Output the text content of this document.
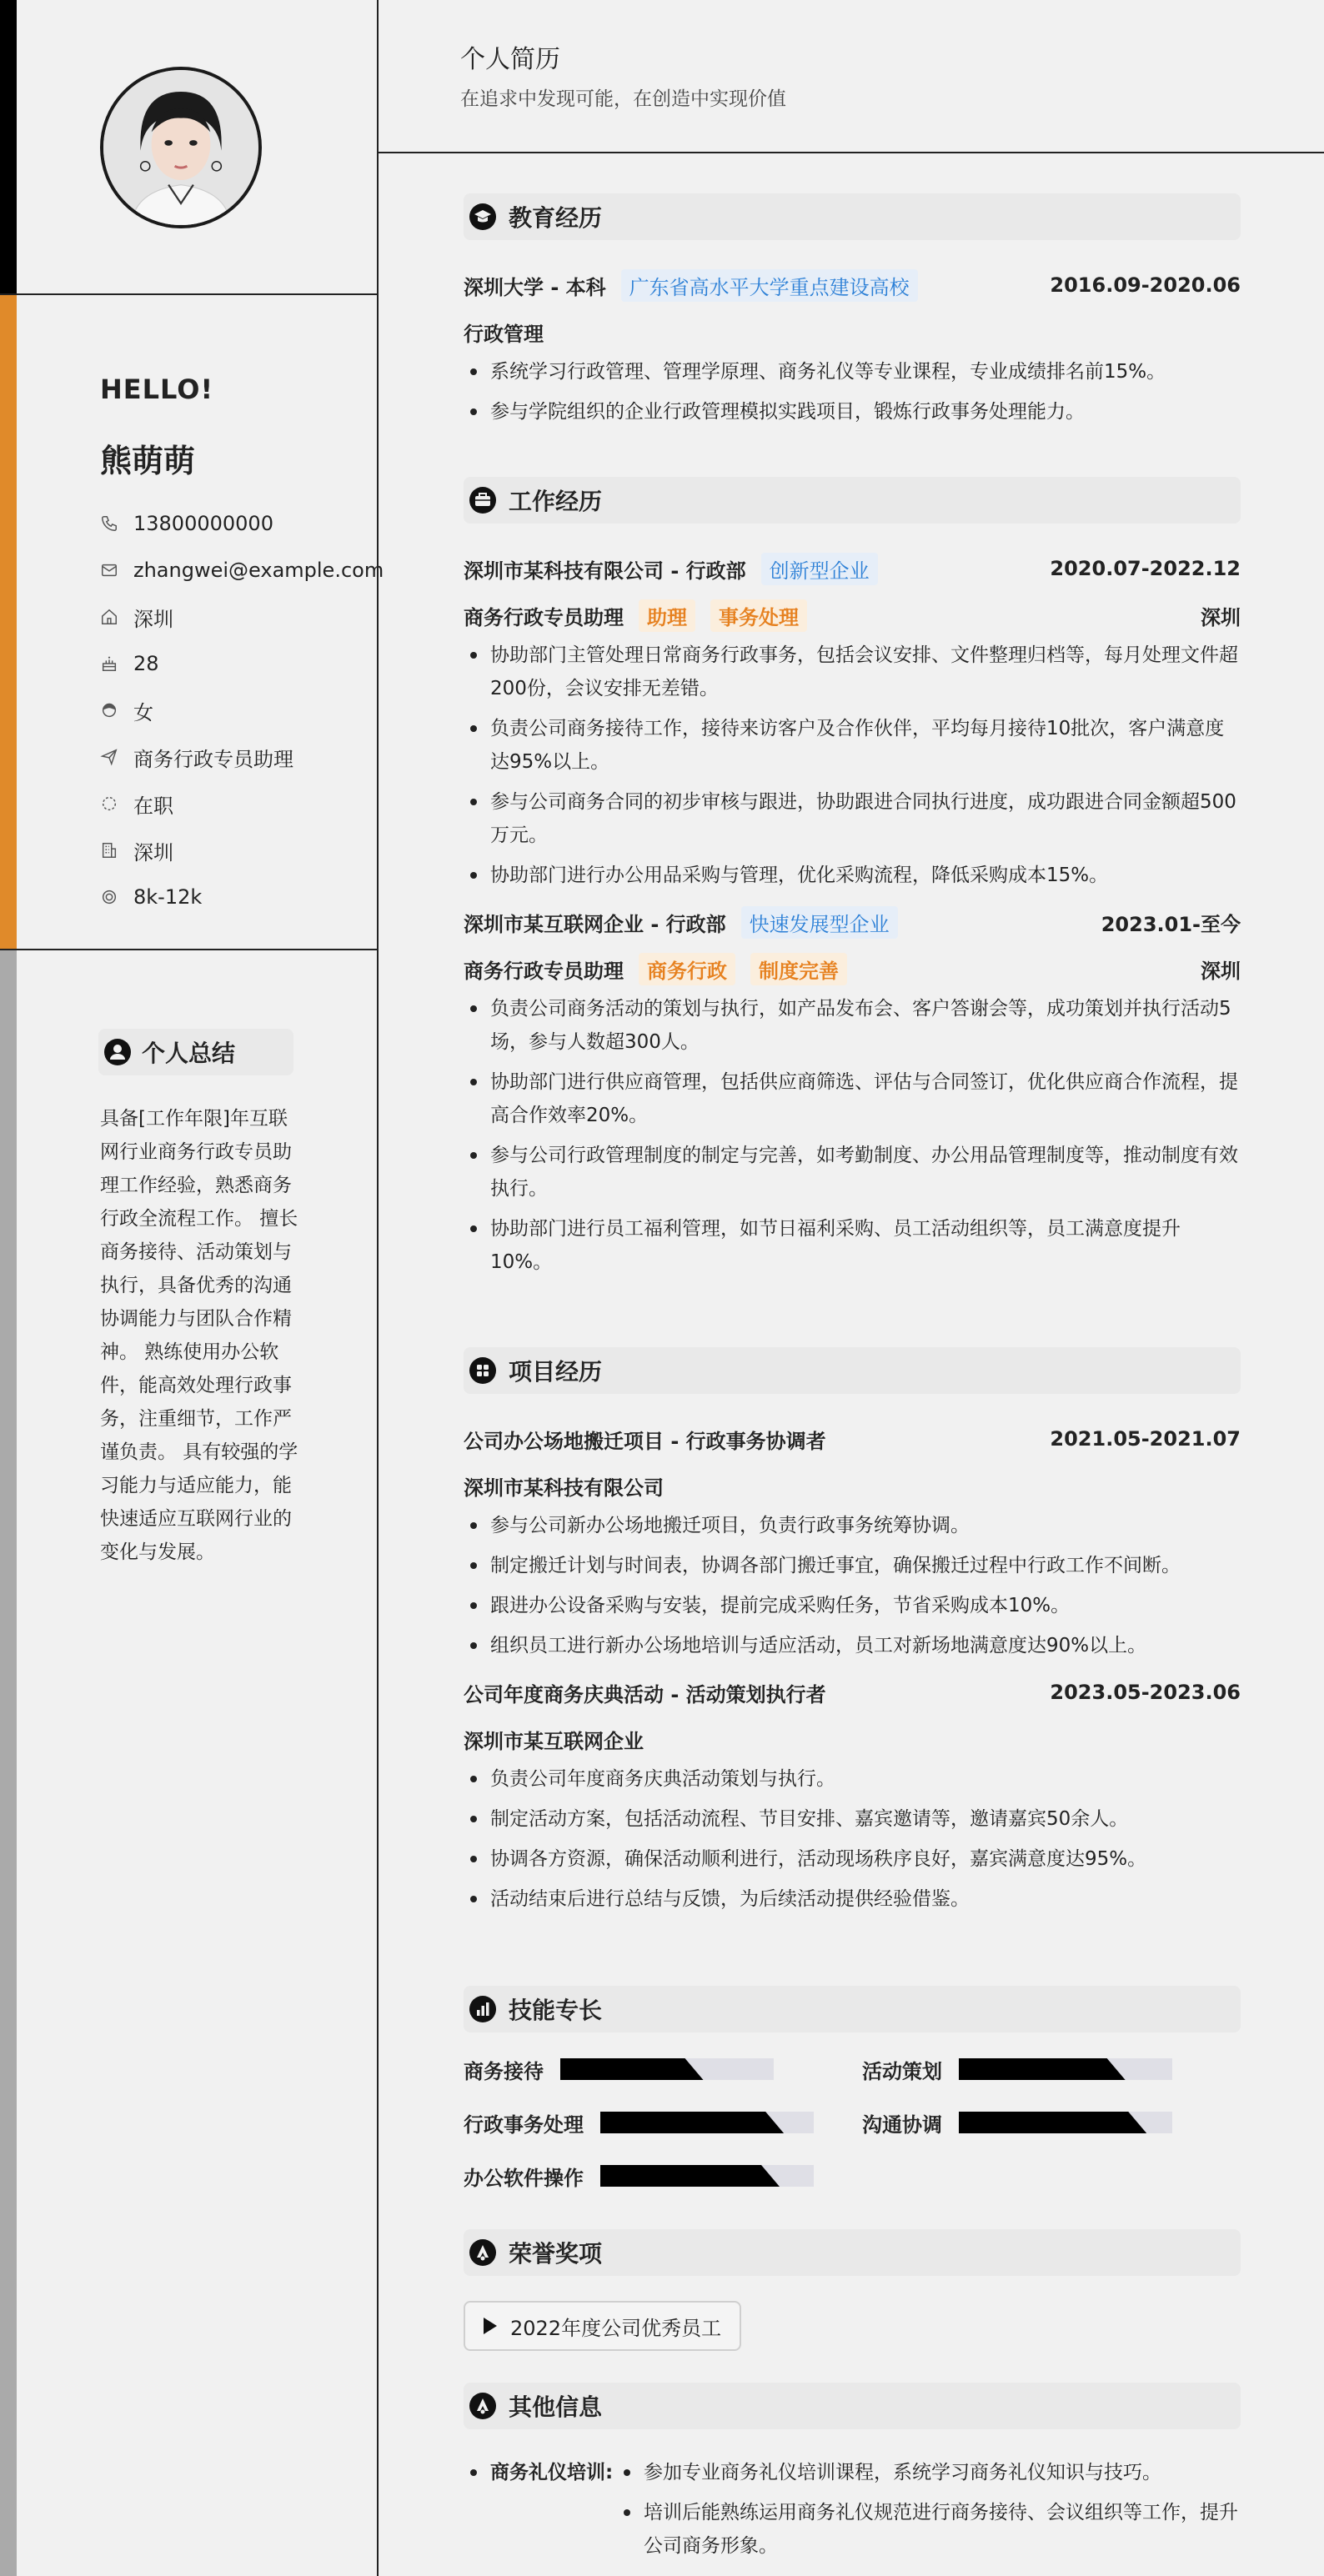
HELLO!
熊萌萌
13800000000
zhangwei@example.com
深圳
28
女
商务行政专员助理
在职
深圳
8k-12k
个人总结
具备[工作年限]年互联网行业商务行政专员助理工作经验，熟悉商务行政全流程工作。 擅长商务接待、活动策划与执行，具备优秀的沟通协调能力与团队合作精神。 熟练使用办公软件，能高效处理行政事务，注重细节，工作严谨负责。 具有较强的学习能力与适应能力，能快速适应互联网行业的变化与发展。
个人简历
在追求中发现可能，在创造中实现价值
教育经历
深圳大学 - 本科	广东省高水平大学重点建设高校	2016.09-2020.06
行政管理
系统学习行政管理、管理学原理、商务礼仪等专业课程，专业成绩排名前15%。
参与学院组织的企业行政管理模拟实践项目，锻炼行政事务处理能力。
工作经历
深圳市某科技有限公司 - 行政部	创新型企业	2020.07-2022.12
商务行政专员助理	助理	事务处理	深圳
协助部门主管处理日常商务行政事务，包括会议安排、文件整理归档等，每月处理文件超200份，会议安排无差错。
负责公司商务接待工作，接待来访客户及合作伙伴，平均每月接待10批次，客户满意度达95%以上。
参与公司商务合同的初步审核与跟进，协助跟进合同执行进度，成功跟进合同金额超500万元。
协助部门进行办公用品采购与管理，优化采购流程，降低采购成本15%。
深圳市某互联网企业 - 行政部	快速发展型企业	2023.01-至今
商务行政专员助理	商务行政	制度完善	深圳
负责公司商务活动的策划与执行，如产品发布会、客户答谢会等，成功策划并执行活动5场，参与人数超300人。
协助部门进行供应商管理，包括供应商筛选、评估与合同签订，优化供应商合作流程，提高合作效率20%。
参与公司行政管理制度的制定与完善，如考勤制度、办公用品管理制度等，推动制度有效执行。
协助部门进行员工福利管理，如节日福利采购、员工活动组织等，员工满意度提升10%。
项目经历
公司办公场地搬迁项目 - 行政事务协调者	2021.05-2021.07
深圳市某科技有限公司
参与公司新办公场地搬迁项目，负责行政事务统筹协调。
制定搬迁计划与时间表，协调各部门搬迁事宜，确保搬迁过程中行政工作不间断。
跟进办公设备采购与安装，提前完成采购任务，节省采购成本10%。
组织员工进行新办公场地培训与适应活动，员工对新场地满意度达90%以上。
公司年度商务庆典活动 - 活动策划执行者	2023.05-2023.06
深圳市某互联网企业
负责公司年度商务庆典活动策划与执行。
制定活动方案，包括活动流程、节目安排、嘉宾邀请等，邀请嘉宾50余人。
协调各方资源，确保活动顺利进行，活动现场秩序良好，嘉宾满意度达95%。
活动结束后进行总结与反馈，为后续活动提供经验借鉴。
技能专长
商务接待	活动策划
行政事务处理	沟通协调
办公软件操作
荣誉奖项
2022年度公司优秀员工
其他信息
商务礼仪培训:	参加专业商务礼仪培训课程，系统学习商务礼仪知识与技巧。
培训后能熟练运用商务礼仪规范进行商务接待、会议组织等工作，提升公司商务形象。
